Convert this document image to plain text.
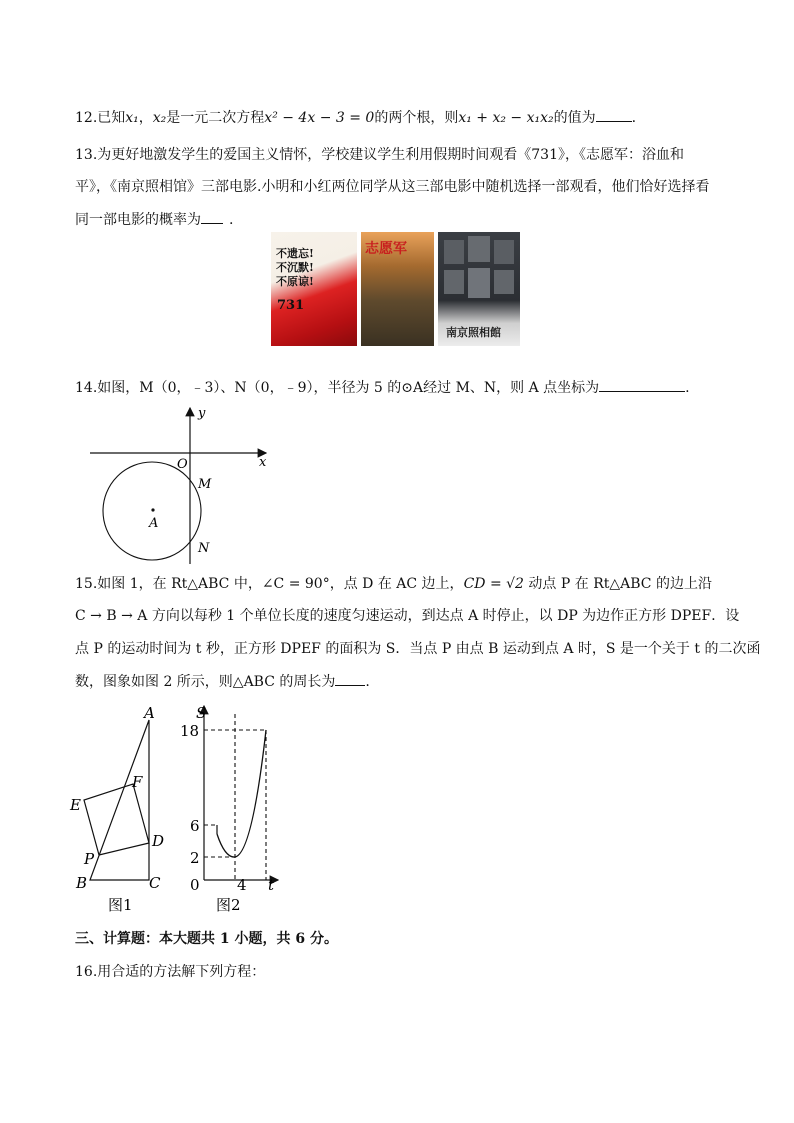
12.已知x₁，x₂是一元二次方程x² − 4x − 3 = 0的两个根，则x₁ + x₂ − x₁x₂的值为	.
13.为更好地激发学生的爱国主义情怀，学校建议学生利用假期时间观看《731》，《志愿军：浴血和
平》，《南京照相馆》三部电影.小明和小红两位同学从这三部电影中随机选择一部观看，他们恰好选择看
同一部电影的概率为 .
不遗忘!
不沉默!
不原谅!
731
志愿军
南京照相館
14.如图，M（0，﹣3）、N（0，﹣9），半径为 5 的⊙A经过 M、N，则 A 点坐标为	.
y
x
O
M
A
N
15.如图 1，在 Rt△ABC 中，∠C = 90°，点 D 在 AC 边上，CD = √2 动点 P 在 Rt△ABC 的边上沿
C → B → A 方向以每秒 1 个单位长度的速度匀速运动，到达点 A 时停止，以 DP 为边作正方形 DPEF．设
点 P 的运动时间为 t 秒，正方形 DPEF 的面积为 S．当点 P 由点 B 运动到点 A 时，S 是一个关于 t 的二次函
数，图象如图 2 所示，则△ABC 的周长为 .
A
F
E
D
P
B	C
图1
S
t
0
18
6
2
4
图2
三、计算题：本大题共 1 小题，共 6 分。
16.用合适的方法解下列方程：
